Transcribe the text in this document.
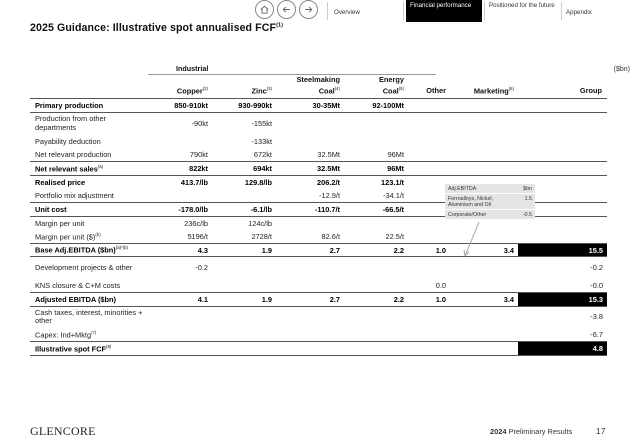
Overview
Financial performance	Positioned for the future
Appendix
2025 Guidance: Illustrative spot annualised FCF$^{(1)}$
Industrial	($bn)
	Copper$^{(2)}$	Zinc$^{(3)}$	Steelmaking Coal$^{(4)}$	Energy Coal$^{(5)}$	Other	Marketing$^{(6)}$	Group
Primary production	850-910kt	930-990kt	30-35Mt	92-100Mt			
Production from other departments	-90kt	-155kt					
Payability deduction		-133kt					
Net relevant production	790kt	672kt	32.5Mt	96Mt			
Net relevant sales$^{(a)}$	822kt	694kt	32.5Mt	96Mt			
Realised price	413.7/lb	129.8/lb	206.2/t	123.1/t			
Portfolio mix adjustment			-12.9/t	-34.1/t			
Unit cost	-178.0/lb	-6.1/lb	-110.7/t	-66.5/t			
Margin per unit	236c/lb	124c/lb					
Margin per unit ($)$^{(b)}$	5196/t	2728/t	82.6/t	22.5/t			
Base Adj.EBITDA ($bn)$^{(a)*(b)}$	4.3	1.9	2.7	2.2	1.0	3.4	15.5
Development projects & other	-0.2						-0.2
KNS closure & C+M costs					0.0		-0.0
Adjusted EBITDA ($bn)	4.1	1.9	2.7	2.2	1.0	3.4	15.3
Cash taxes, interest, minorities + other							-3.8
Capex: Ind+Mktg$^{(7)}$							-6.7
Illustrative spot FCF$^{(8)}$							4.8
Adj.EBITDA	$bn
Ferroalloys, Nickel, Aluminium and Oil
1.5
Corporate/Other	-0.5
GLENCORE	2024 Preliminary Results	17
